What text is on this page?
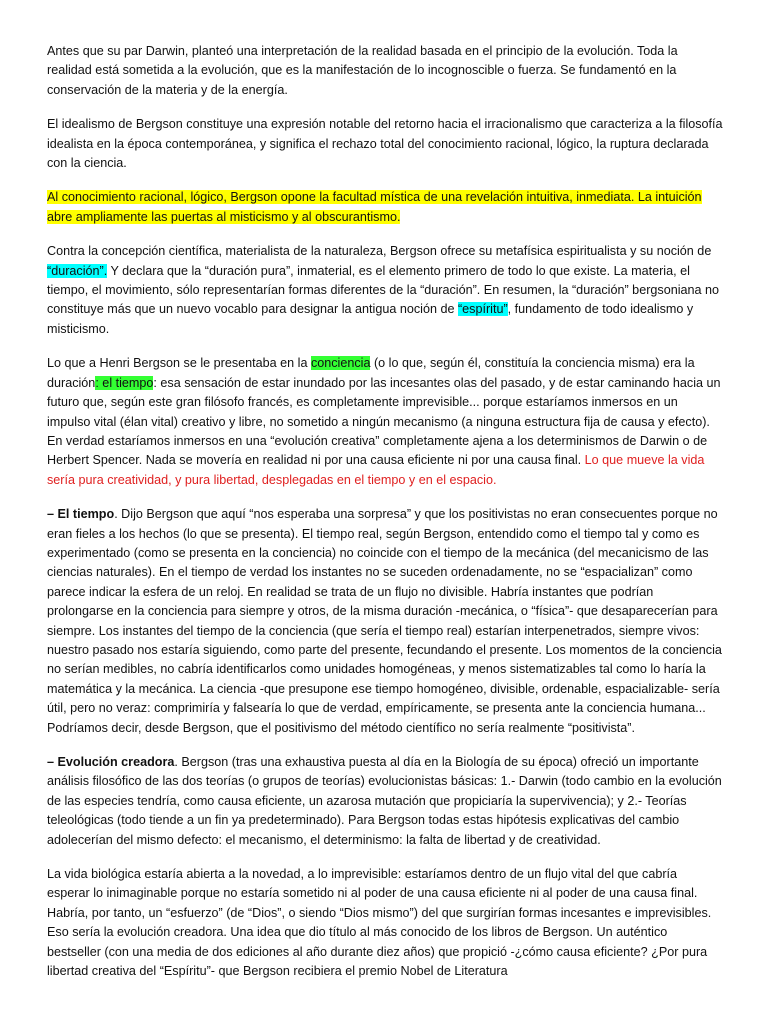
Antes que su par Darwin, planteó una interpretación de la realidad basada en el principio de la evolución. Toda la realidad está sometida a la evolución, que es la manifestación de lo incognoscible o fuerza. Se fundamentó en la conservación de la materia y de la energía.

El idealismo de Bergson constituye una expresión notable del retorno hacia el irracionalismo que caracteriza a la filosofía idealista en la época contemporánea, y significa el rechazo total del conocimiento racional, lógico, la ruptura declarada con la ciencia.

Al conocimiento racional, lógico, Bergson opone la facultad mística de una revelación intuitiva, inmediata. La intuición abre ampliamente las puertas al misticismo y al obscurantismo.

Contra la concepción científica, materialista de la naturaleza, Bergson ofrece su metafísica espiritualista y su noción de “duración”. Y declara que la “duración pura”, inmaterial, es el elemento primero de todo lo que existe. La materia, el tiempo, el movimiento, sólo representarían formas diferentes de la “duración”. En resumen, la “duración” bergsoniana no constituye más que un nuevo vocablo para designar la antigua noción de “espíritu”, fundamento de todo idealismo y misticismo.

Lo que a Henri Bergson se le presentaba en la conciencia (o lo que, según él, constituía la conciencia misma) era la duración: el tiempo: esa sensación de estar inundado por las incesantes olas del pasado, y de estar caminando hacia un futuro que, según este gran filósofo francés, es completamente imprevisible... porque estaríamos inmersos en un impulso vital (élan vital) creativo y libre, no sometido a ningún mecanismo (a ninguna estructura fija de causa y efecto). En verdad estaríamos inmersos en una “evolución creativa” completamente ajena a los determinismos de Darwin o de Herbert Spencer. Nada se movería en realidad ni por una causa eficiente ni por una causa final. Lo que mueve la vida sería pura creatividad, y pura libertad, desplegadas en el tiempo y en el espacio.

– El tiempo. Dijo Bergson que aquí “nos esperaba una sorpresa” y que los positivistas no eran consecuentes porque no eran fieles a los hechos (lo que se presenta). El tiempo real, según Bergson, entendido como el tiempo tal y como es experimentado (como se presenta en la conciencia) no coincide con el tiempo de la mecánica (del mecanicismo de las ciencias naturales). En el tiempo de verdad los instantes no se suceden ordenadamente, no se “espacializan” como parece indicar la esfera de un reloj. En realidad se trata de un flujo no divisible. Habría instantes que podrían prolongarse en la conciencia para siempre y otros, de la misma duración -mecánica, o “física”- que desaparecerían para siempre. Los instantes del tiempo de la conciencia (que sería el tiempo real) estarían interpenetrados, siempre vivos: nuestro pasado nos estaría siguiendo, como parte del presente, fecundando el presente. Los momentos de la conciencia no serían medibles, no cabría identificarlos como unidades homogéneas, y menos sistematizables tal como lo haría la matemática y la mecánica. La ciencia -que presupone ese tiempo homogéneo, divisible, ordenable, espacializable- sería útil, pero no veraz: comprimiría y falsearía lo que de verdad, empíricamente, se presenta ante la conciencia humana... Podríamos decir, desde Bergson, que el positivismo del método científico no sería realmente “positivista”.

– Evolución creadora. Bergson (tras una exhaustiva puesta al día en la Biología de su época) ofreció un importante análisis filosófico de las dos teorías (o grupos de teorías) evolucionistas básicas: 1.- Darwin (todo cambio en la evolución de las especies tendría, como causa eficiente, un azarosa mutación que propiciaría la supervivencia); y 2.- Teorías teleológicas (todo tiende a un fin ya predeterminado). Para Bergson todas estas hipótesis explicativas del cambio adolecerían del mismo defecto: el mecanismo, el determinismo: la falta de libertad y de creatividad.

La vida biológica estaría abierta a la novedad, a lo imprevisible: estaríamos dentro de un flujo vital del que cabría esperar lo inimaginable porque no estaría sometido ni al poder de una causa eficiente ni al poder de una causa final. Habría, por tanto, un “esfuerzo” (de “Dios”, o siendo “Dios mismo”) del que surgirían formas incesantes e imprevisibles. Eso sería la evolución creadora. Una idea que dio título al más conocido de los libros de Bergson. Un auténtico bestseller (con una media de dos ediciones al año durante diez años) que propició -¿cómo causa eficiente? ¿Por pura libertad creativa del “Espíritu”- que Bergson recibiera el premio Nobel de Literatura
